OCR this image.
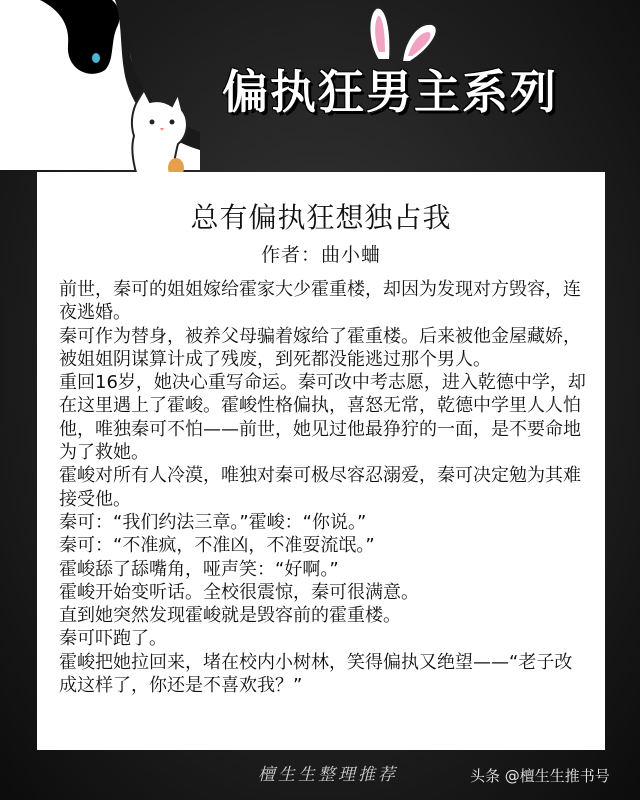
偏执狂男主系列
总有偏执狂想独占我
作者：曲小蛐

前世，秦可的姐姐嫁给霍家大少霍重楼，却因为发现对方毁容，连夜逃婚。

秦可作为替身，被养父母骗着嫁给了霍重楼。后来被他金屋藏娇，被姐姐阴谋算计成了残废，到死都没能逃过那个男人。

重回16岁，她决心重写命运。秦可改中考志愿，进入乾德中学，却在这里遇上了霍峻。霍峻性格偏执，喜怒无常，乾德中学里人人怕他，唯独秦可不怕——前世，她见过他最狰狞的一面，是不要命地为了救她。

霍峻对所有人冷漠，唯独对秦可极尽容忍溺爱，秦可决定勉为其难接受他。

秦可：“我们约法三章。”霍峻：“你说。”

秦可：“不准疯，不准凶，不准耍流氓。”

霍峻舔了舔嘴角，哑声笑：“好啊。”

霍峻开始变听话。全校很震惊，秦可很满意。

直到她突然发现霍峻就是毁容前的霍重楼。

秦可吓跑了。

霍峻把她拉回来，堵在校内小树林，笑得偏执又绝望——“老子改成这样了，你还是不喜欢我？”

檀生生整理推荐	头条 @檀生生推书号
